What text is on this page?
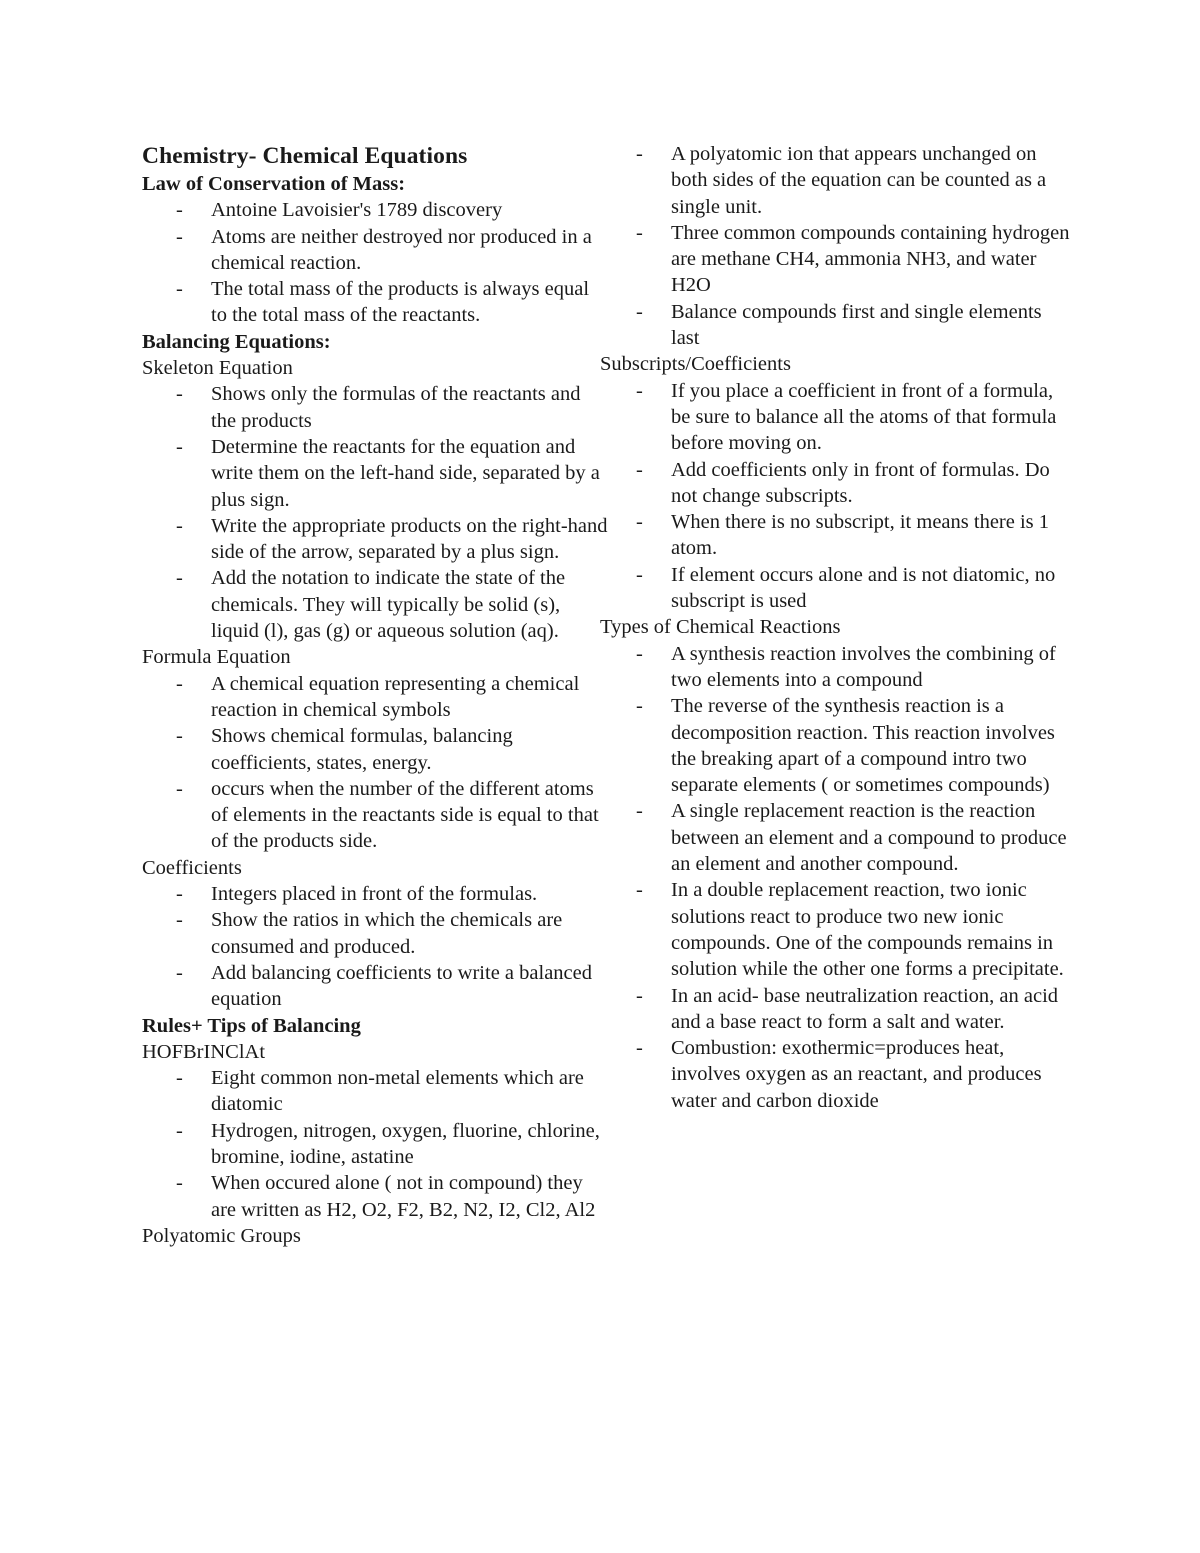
Chemistry- Chemical Equations
Law of Conservation of Mass:
- Antoine Lavoisier's 1789 discovery
- Atoms are neither destroyed nor produced in a chemical reaction.
- The total mass of the products is always equal to the total mass of the reactants.
Balancing Equations:
Skeleton Equation
- Shows only the formulas of the reactants and the products
- Determine the reactants for the equation and write them on the left-hand side, separated by a plus sign.
- Write the appropriate products on the right-hand side of the arrow, separated by a plus sign.
- Add the notation to indicate the state of the chemicals. They will typically be solid (s), liquid (l), gas (g) or aqueous solution (aq).
Formula Equation
- A chemical equation representing a chemical reaction in chemical symbols
- Shows chemical formulas, balancing coefficients, states, energy.
- occurs when the number of the different atoms of elements in the reactants side is equal to that of the products side.
Coefficients
- Integers placed in front of the formulas.
- Show the ratios in which the chemicals are consumed and produced.
- Add balancing coefficients to write a balanced equation
Rules+ Tips of Balancing
HOFBrINClAt
- Eight common non-metal elements which are diatomic
- Hydrogen, nitrogen, oxygen, fluorine, chlorine, bromine, iodine, astatine
- When occured alone ( not in compound) they are written as H2, O2, F2, B2, N2, I2, Cl2, Al2
Polyatomic Groups
- A polyatomic ion that appears unchanged on both sides of the equation can be counted as a single unit.
- Three common compounds containing hydrogen are methane CH4, ammonia NH3, and water H2O
- Balance compounds first and single elements last
Subscripts/Coefficients
- If you place a coefficient in front of a formula, be sure to balance all the atoms of that formula before moving on.
- Add coefficients only in front of formulas. Do not change subscripts.
- When there is no subscript, it means there is 1 atom.
- If element occurs alone and is not diatomic, no subscript is used
Types of Chemical Reactions
- A synthesis reaction involves the combining of two elements into a compound
- The reverse of the synthesis reaction is a decomposition reaction. This reaction involves the breaking apart of a compound intro two separate elements ( or sometimes compounds)
- A single replacement reaction is the reaction between an element and a compound to produce an element and another compound.
- In a double replacement reaction, two ionic solutions react to produce two new ionic compounds. One of the compounds remains in solution while the other one forms a precipitate.
- In an acid- base neutralization reaction, an acid and a base react to form a salt and water.
- Combustion: exothermic=produces heat, involves oxygen as an reactant, and produces water and carbon dioxide
